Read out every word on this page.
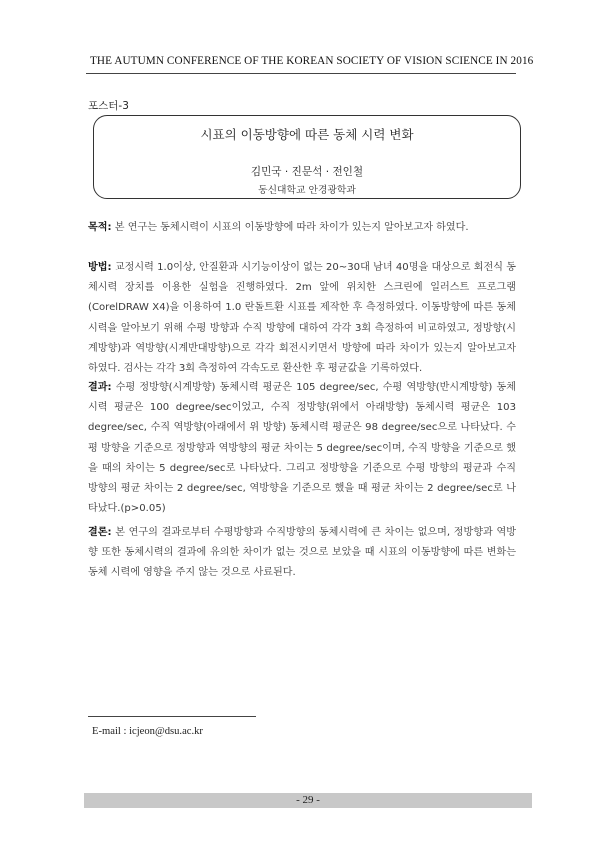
THE AUTUMN CONFERENCE OF THE KOREAN SOCIETY OF VISION SCIENCE IN 2016
포스터-3
시표의 이동방향에 따른 동체 시력 변화
김민국 · 진문석 · 전인철
동신대학교 안경광학과
목적: 본 연구는 동체시력이 시표의 이동방향에 따라 차이가 있는지 알아보고자 하였다.
방법: 교정시력 1.0이상, 안질환과 시기능이상이 없는 20~30대 남녀 40명을 대상으로 회전식 동체시력 장치를 이용한 실험을 진행하였다. 2m 앞에 위치한 스크린에 일러스트 프로그램(CorelDRAW X4)을 이용하여 1.0 란돌트환 시표를 제작한 후 측정하였다. 이동방향에 따른 동체시력을 알아보기 위해 수평 방향과 수직 방향에 대하여 각각 3회 측정하여 비교하였고, 정방향(시계방향)과 역방향(시계반대방향)으로 각각 회전시키면서 방향에 따라 차이가 있는지 알아보고자 하였다. 검사는 각각 3회 측정하여 각속도로 환산한 후 평균값을 기록하였다.
결과: 수평 정방향(시계방향) 동체시력 평균은 105 degree/sec, 수평 역방향(반시계방향) 동체시력 평균은 100 degree/sec이었고, 수직 정방향(위에서 아래방향) 동체시력 평균은 103 degree/sec, 수직 역방향(아래에서 위 방향) 동체시력 평균은 98 degree/sec으로 나타났다. 수평 방향을 기준으로 정방향과 역방향의 평균 차이는 5 degree/sec이며, 수직 방향을 기준으로 했을 때의 차이는 5 degree/sec로 나타났다. 그리고 정방향을 기준으로 수평 방향의 평균과 수직 방향의 평균 차이는 2 degree/sec, 역방향을 기준으로 했을 때 평균 차이는 2 degree/sec로 나타났다.(p>0.05)
결론: 본 연구의 결과로부터 수평방향과 수직방향의 동체시력에 큰 차이는 없으며, 정방향과 역방향 또한 동체시력의 결과에 유의한 차이가 없는 것으로 보았을 때 시표의 이동방향에 따른 변화는 동체 시력에 영향을 주지 않는 것으로 사료된다.
E-mail : icjeon@dsu.ac.kr
- 29 -
